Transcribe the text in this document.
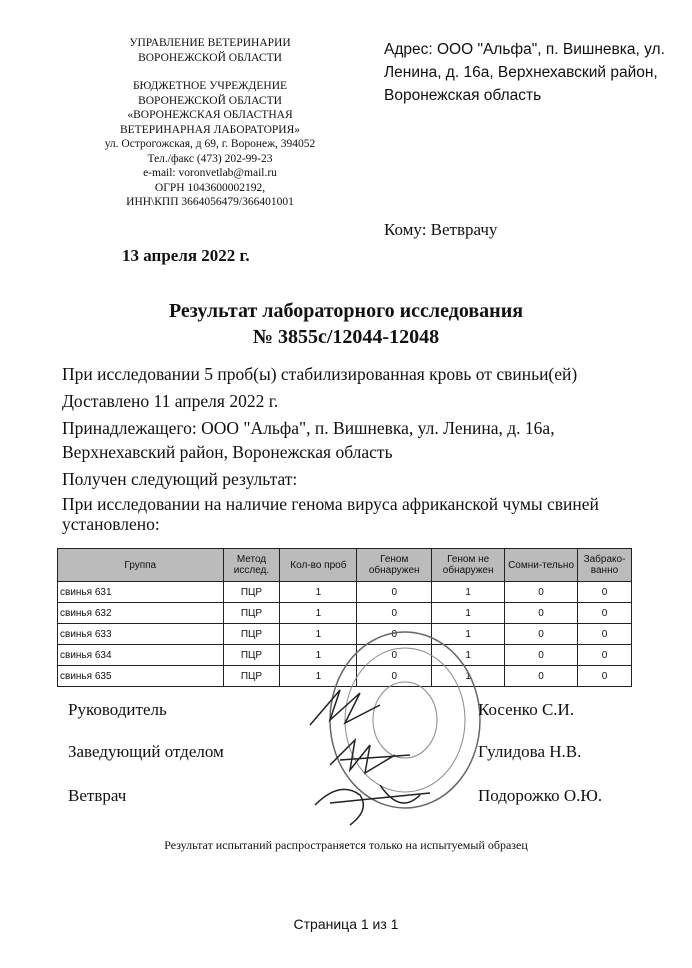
УПРАВЛЕНИЕ ВЕТЕРИНАРИИ
ВОРОНЕЖСКОЙ ОБЛАСТИ
БЮДЖЕТНОЕ УЧРЕЖДЕНИЕ
ВОРОНЕЖСКОЙ ОБЛАСТИ
«ВОРОНЕЖСКАЯ ОБЛАСТНАЯ
ВЕТЕРИНАРНАЯ ЛАБОРАТОРИЯ»
ул. Острогожская, д 69, г. Воронеж, 394052
Тел./факс (473) 202-99-23
e-mail: voronvetlab@mail.ru
ОГРН 1043600002192,
ИНН\КПП 3664056479/366401001
Адрес: ООО "Альфа", п. Вишневка, ул. Ленина, д. 16а, Верхнехавский район, Воронежская область
Кому: Ветврачу
13 апреля 2022 г.
Результат лабораторного исследования
№ 3855с/12044-12048

При исследовании 5 проб(ы) стабилизированная кровь от свиньи(ей)

Доставлено 11 апреля 2022 г.

Принадлежащего: ООО "Альфа", п. Вишневка, ул. Ленина, д. 16а, Верхнехавский район, Воронежская область

Получен следующий результат:

При исследовании на наличие генома вируса африканской чумы свиней установлено:

Группа	Метод исслед.	Кол-во проб	Геном обнаружен	Геном не обнаружен	Сомни-тельно	Забрако-ванно
свинья 631	ПЦР	1	0	1	0	0
свинья 632	ПЦР	1	0	1	0	0
свинья 633	ПЦР	1	0	1	0	0
свинья 634	ПЦР	1	0	1	0	0
свинья 635	ПЦР	1	0	1	0	0
Руководитель	Косенко С.И.
Заведующий отделом	Гулидова Н.В.
Ветврач	Подорожко О.Ю.
Результат испытаний распространяется только на испытуемый образец
Страница 1 из 1
